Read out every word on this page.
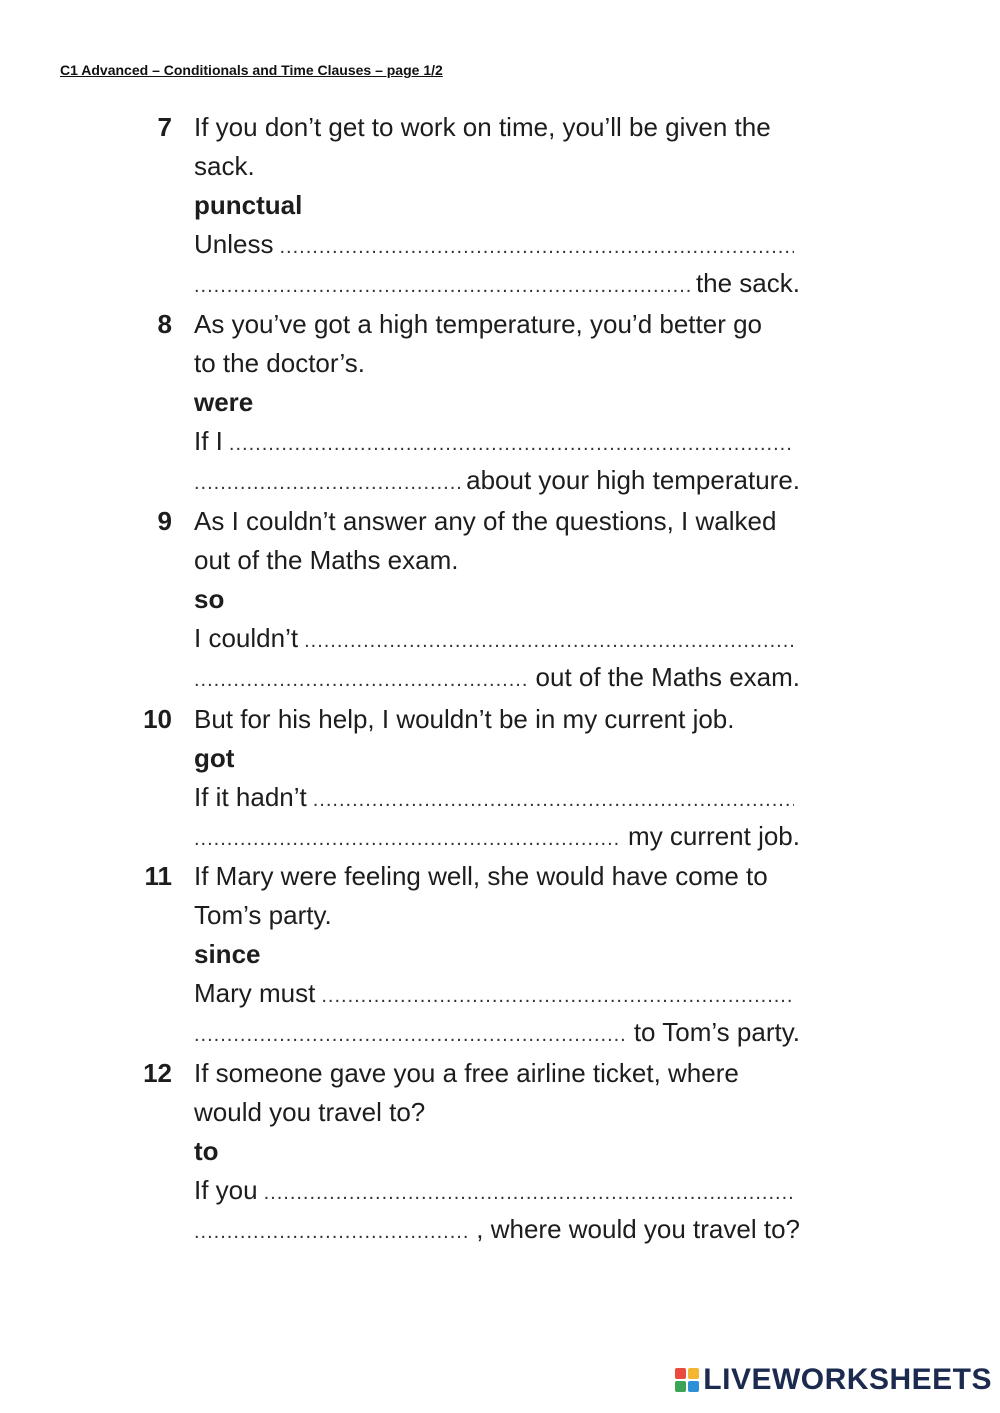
C1 Advanced – Conditionals and Time Clauses – page 1/2
7 If you don’t get to work on time, you’ll be given the
sack.
punctual
Unless
.....
.....
the sack.
8 As you’ve got a high temperature, you’d better go
to the doctor’s.
were
If I
.....
.....
about your high temperature.
9 As I couldn’t answer any of the questions, I walked
out of the Maths exam.
so
I couldn’t
.....
.....
out of the Maths exam.
10 But for his help, I wouldn’t be in my current job.
got
If it hadn’t
.....
.....
my current job.
11 If Mary were feeling well, she would have come to
Tom’s party.
since
Mary must
.....
.....
to Tom’s party.
12 If someone gave you a free airline ticket, where
would you travel to?
to
If you
.....
.....
, where would you travel to?
LIVEWORKSHEETS
